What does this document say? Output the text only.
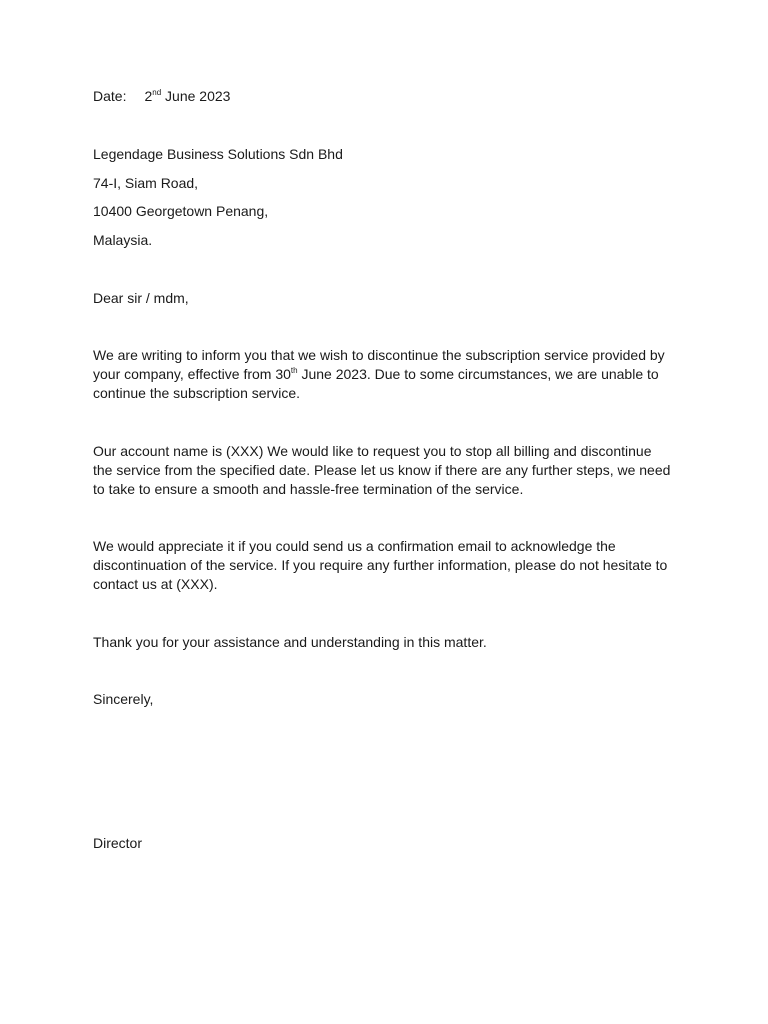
Date: 2nd June 2023

Legendage Business Solutions Sdn Bhd

74-I, Siam Road,

10400 Georgetown Penang,

Malaysia.

Dear sir / mdm,

We are writing to inform you that we wish to discontinue the subscription service provided by your company, effective from 30th June 2023. Due to some circumstances, we are unable to continue the subscription service.

Our account name is (XXX) We would like to request you to stop all billing and discontinue the service from the specified date. Please let us know if there are any further steps, we need to take to ensure a smooth and hassle-free termination of the service.

We would appreciate it if you could send us a confirmation email to acknowledge the discontinuation of the service. If you require any further information, please do not hesitate to contact us at (XXX).

Thank you for your assistance and understanding in this matter.

Sincerely,

Director
